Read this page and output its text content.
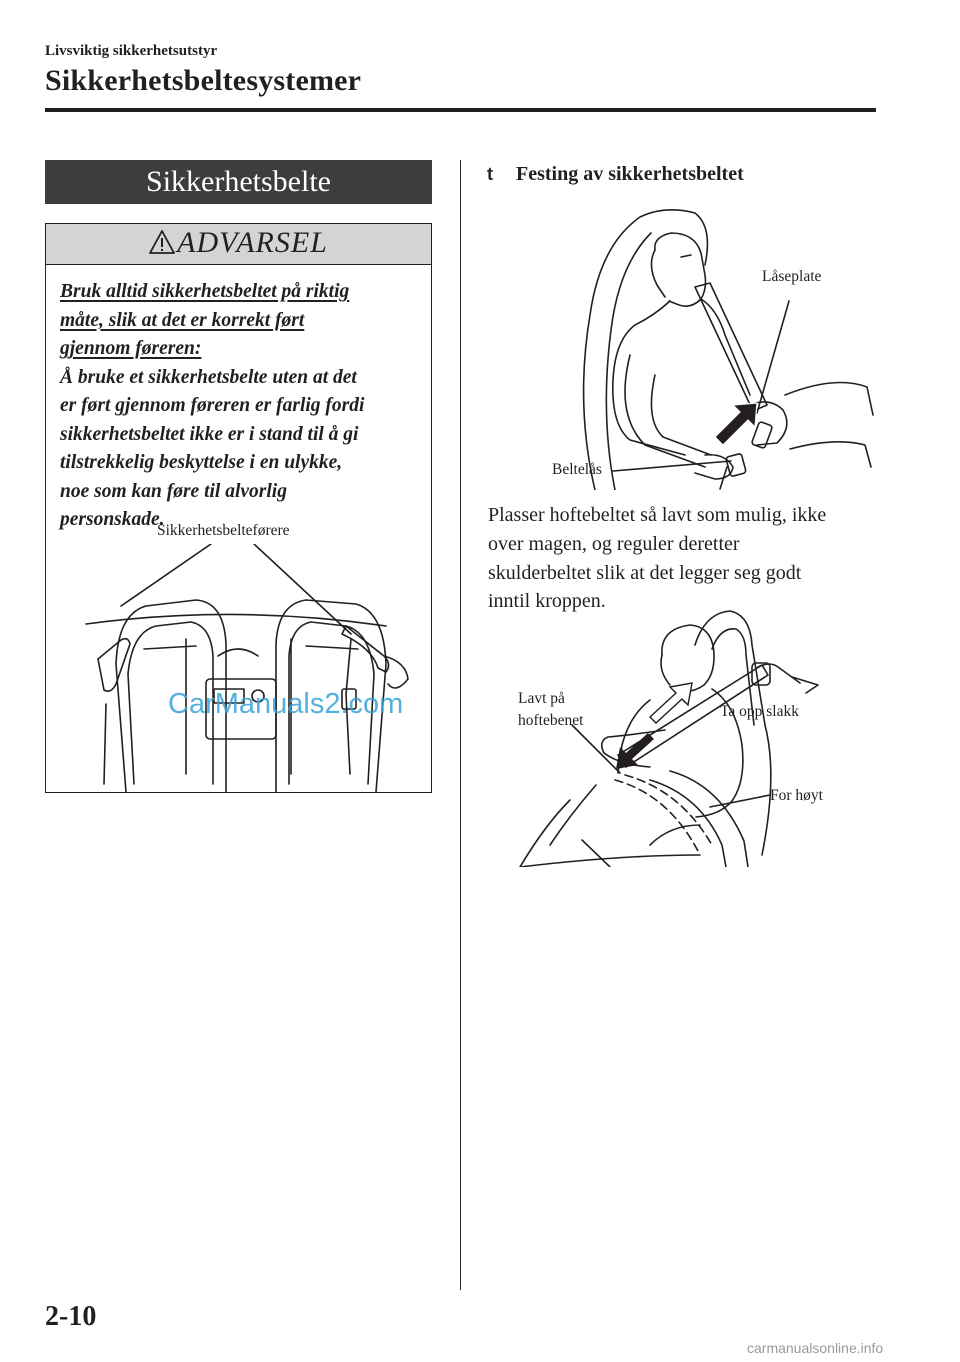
Livsviktig sikkerhetsutstyr
Sikkerhetsbeltesystemer
Sikkerhetsbelte
ADVARSEL
Bruk alltid sikkerhetsbeltet på riktig
måte, slik at det er korrekt ført
gjennom føreren:
Å bruke et sikkerhetsbelte uten at det
er ført gjennom føreren er farlig fordi
sikkerhetsbeltet ikke er i stand til å gi
tilstrekkelig beskyttelse i en ulykke,
noe som kan føre til alvorlig
personskade.
Sikkerhetsbelteførere
CarManuals2.com
t Festing av sikkerhetsbeltet
Låseplate
Beltelås
Plasser hoftebeltet så lavt som mulig, ikke
over magen, og reguler deretter
skulderbeltet slik at det legger seg godt
inntil kroppen.
Lavt på
hoftebenet
Ta opp slakk
For høyt
2-10
carmanualsonline.info
